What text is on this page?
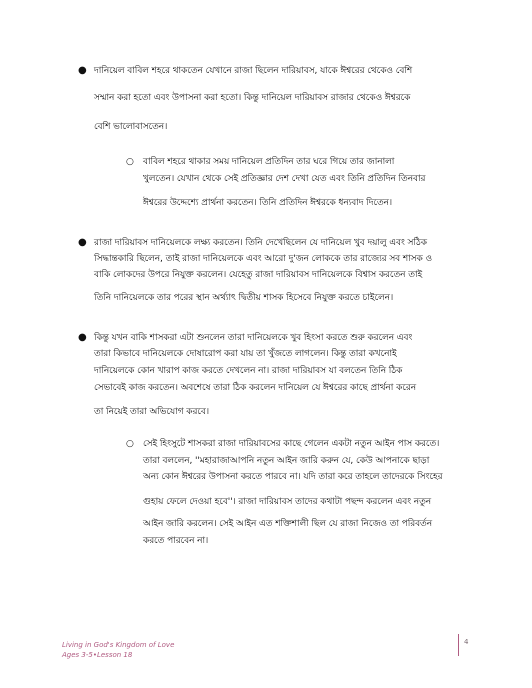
● দানিয়েল বাবিল শহরে থাকতেন যেখানে রাজা ছিলেন দারিয়াবস, যাকে ঈশ্বরের থেকেও বেশি
সম্মান করা হতো এবং উপাসনা করা হতো। কিন্তু দানিয়েল দারিয়াবস রাজার থেকেও ঈশ্বরকে
বেশি ভালোবাসতেন।
○ বাবিল শহরে থাকার সময় দানিয়েল প্রতিদিন তার ঘরে গিয়ে তার জানালা
খুলতেন। যেখান থেকে সেই প্রতিজ্ঞার দেশ দেখা যেত এবং তিনি প্রতিদিন তিনবার
ঈশ্বরের উদ্দেশ্যে প্রার্থনা করতেন। তিনি প্রতিদিন ঈশ্বরকে ধন্যবাদ দিতেন।
● রাজা দারিয়াবস দানিয়েলকে লক্ষ্য করতেন। তিনি দেখেছিলেন যে দানিয়েল খুব দয়ালু এবং সঠিক
সিদ্ধান্তকারি ছিলেন, তাই রাজা দানিয়েলকে এবং আরো দু'জন লোককে তার রাজ্যের সব শাসক ও
বাকি লোকদের উপরে নিযুক্ত করলেন। যেহেতু রাজা দারিয়াবস দানিয়েলকে বিশ্বাস করতেন তাই
তিনি দানিয়েলকে তার পরের স্থান অর্থ্যাৎ দ্বিতীয় শাসক হিসেবে নিযুক্ত করতে চাইলেন।
● কিন্তু যখন বাকি শাসকরা এটা শুনলেন তারা দানিয়েলকে খুব হিংসা করতে শুরু করলেন এবং
তারা কিভাবে দানিয়েলকে দোষারোপ করা যায় তা খুঁজতে লাগলেন। কিন্তু তারা কখনোই
দানিয়েলকে কোন খারাপ কাজ করতে দেখলেন না। রাজা দারিয়াবস যা বলতেন তিনি ঠিক
সেভাবেই কাজ করতেন। অবশেষে তারা ঠিক করলেন দানিয়েল যে ঈশ্বরের কাছে প্রার্থনা করেন
তা নিয়েই তারা অভিযোগ করবে।
○ সেই হিংসুটে শাসকরা রাজা দারিয়াবসের কাছে গেলেন একটা নতুন আইন পাস করতে।
তারা বললেন, ''মহারাজাআপনি নতুন আইন জারি করুন যে, কেউ আপনাকে ছাড়া
অন্য কোন ঈশ্বরের উপাসনা করতে পারবে না। যদি তারা করে তাহলে তাদেরকে সিংহের
গুহায় ফেলে দেওয়া হবে''। রাজা দারিয়াবস তাদের কথাটা পছন্দ করলেন এবং নতুন
আইন জারি করলেন। সেই আইন এত শক্তিশালী ছিল যে রাজা নিজেও তা পরিবর্তন
করতে পারবেন না।
Living in God's Kingdom of Love
Ages 3-5•Lesson 18
4
